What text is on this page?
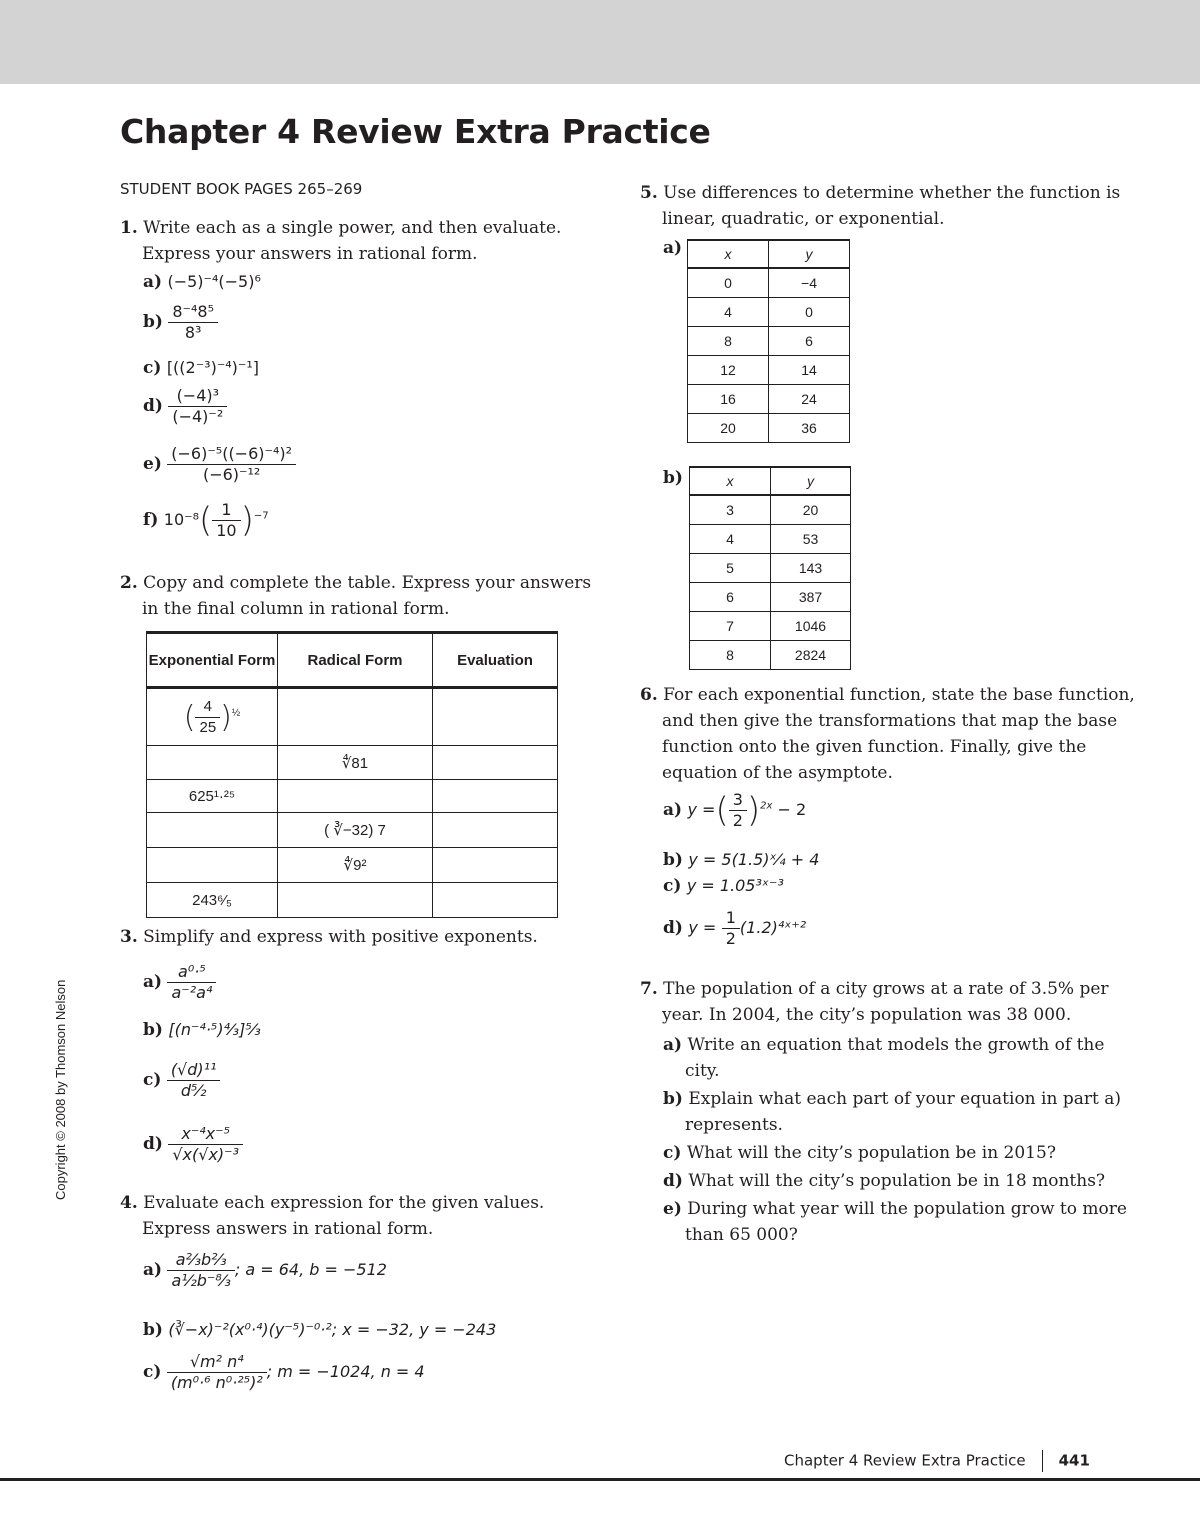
Chapter 4 Review Extra Practice
STUDENT BOOK PAGES 265–269
1. Write each as a single power, and then evaluate. Express your answers in rational form.
a) (−5)⁻⁴(−5)⁶
$b) \frac{\text{8⁻⁴8⁵}}{\text{8³}}$
c) [((2⁻³)⁻⁴)⁻¹]
$d) \frac{\text{(−4)³}}{\text{(−4)⁻²}}$
$e) \frac{\text{(−6)⁻⁵((−6)⁻⁴)²}}{\text{(−6)⁻¹²}}$
f) $10^{-8}( \frac{1}{10} )^{-7}$
2. Copy and complete the table. Express your answers in the final column in rational form.
Exponential Form	Radical Form	Evaluation
( $\frac{4}{25} )^{\frac{1}{2}}$		
	∜81	
625¹·²⁵		
	( ∛−32) 7	
	∜9²	
243⁶⁄₅		
3. Simplify and express with positive exponents.
$a) \frac{\text{a⁰·⁵}}{\text{a⁻²a⁴}}$
b) [(n⁻⁴·⁵)⁴⁄₃]⁵⁄₃
$c) \frac{\text{(√d)¹¹}}{\text{d⁵⁄₂}}$
$d) \frac{\text{x⁻⁴x⁻⁵}}{\text{√x(√x)⁻³}}$
4. Evaluate each expression for the given values. Express answers in rational form.
$a) \frac{\text{a²⁄₃b²⁄₃}}{\text{a¹⁄₂b⁻⁸⁄₃}}$ ; a = 64, b = −512
b) (∛−x)⁻²(x⁰·⁴)(y⁻⁵)⁻⁰·²; x = −32, y = −243
$c) \frac{\text{√m² n⁴}}{\text{(m⁰·⁶ n⁰·²⁵)²}}$ ; m = −1024, n = 4
5. Use differences to determine whether the function is linear, quadratic, or exponential.
a)	x	y
0	−4
4	0
8	6
12	14
16	24
20	36
b)	x	y
3	20
4	53
5	143
6	387
7	1046
8	2824
6. For each exponential function, state the base function, and then give the transformations that map the base function onto the given function. Finally, give the equation of the asymptote.
a) y =( $\frac{3}{2} )^{2x} - 2$
b) y = 5(1.5)ˣ⁄₄ + 4
c) y = 1.05³ˣ⁻³
d) $y = \frac{1}{2}$ (1.2)⁴ˣ⁺²
7. The population of a city grows at a rate of 3.5% per year. In 2004, the city’s population was 38 000.
a) Write an equation that models the growth of the city.
b) Explain what each part of your equation in part a) represents.
c) What will the city’s population be in 2015?
d) What will the city’s population be in 18 months?
e) During what year will the population grow to more than 65 000?
Copyright © 2008 by Thomson Nelson
Chapter 4 Review Extra Practice 441
